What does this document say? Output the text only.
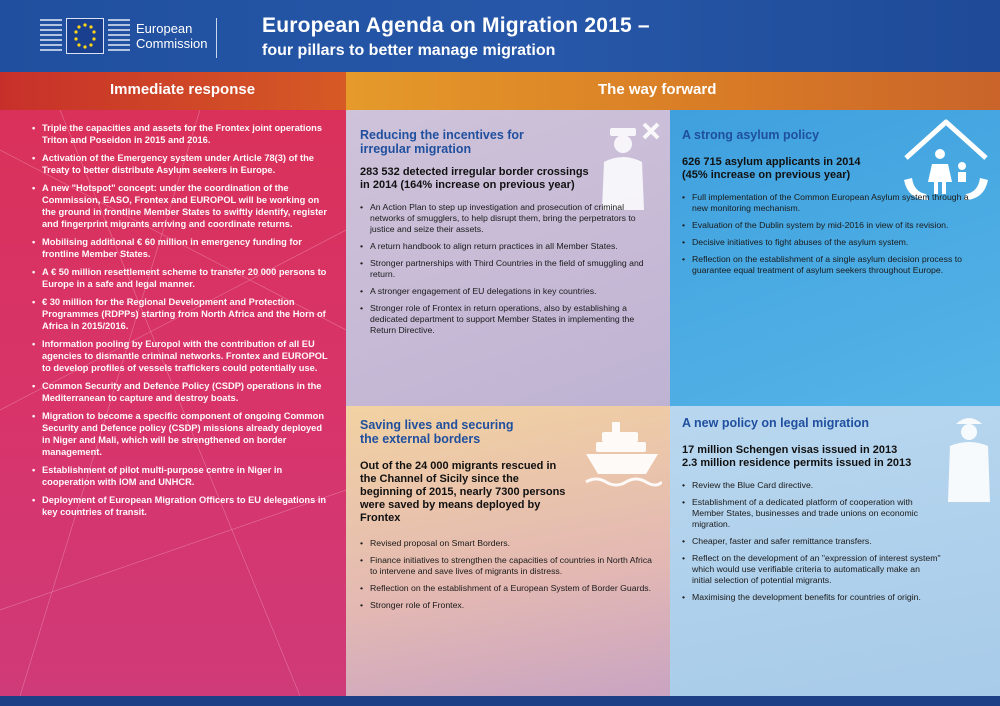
European
Commission
European Agenda on Migration 2015 –
four pillars to better manage migration
Immediate response	The way forward
• Triple the capacities and assets for the Frontex joint operations Triton and Poseidon in 2015 and 2016.
• Activation of the Emergency system under Article 78(3) of the Treaty to better distribute Asylum seekers in Europe.
• A new "Hotspot" concept: under the coordination of the Commission, EASO, Frontex and EUROPOL will be working on the ground in frontline Member States to swiftly identify, register and fingerprint migrants arriving and coordinate returns.
• Mobilising additional € 60 million in emergency funding for frontline Member States.
• A € 50 million resettlement scheme to transfer 20 000 persons to Europe in a safe and legal manner.
• € 30 million for the Regional Development and Protection Programmes (RDPPs) starting from North Africa and the Horn of Africa in 2015/2016.
• Information pooling by Europol with the contribution of all EU agencies to dismantle criminal networks. Frontex and EUROPOL to develop profiles of vessels traffickers could potentially use.
• Common Security and Defence Policy (CSDP) operations in the Mediterranean to capture and destroy boats.
• Migration to become a specific component of ongoing Common Security and Defence policy (CSDP) missions already deployed in Niger and Mali, which will be strengthened on border management.
• Establishment of pilot multi-purpose centre in Niger in cooperation with IOM and UNHCR.
• Deployment of European Migration Officers to EU delegations in key countries of transit.
Reducing the incentives for
irregular migration
283 532 detected irregular border crossings
in 2014 (164% increase on previous year)
• An Action Plan to step up investigation and prosecution of criminal networks of smugglers, to help disrupt them, bring the perpetrators to justice and seize their assets.
• A return handbook to align return practices in all Member States.
• Stronger partnerships with Third Countries in the field of smuggling and return.
• A stronger engagement of EU delegations in key countries.
• Stronger role of Frontex in return operations, also by establishing a dedicated department to support Member States in implementing the Return Directive.
A strong asylum policy
626 715 asylum applicants in 2014
(45% increase on previous year)
• Full implementation of the Common European Asylum system through a new monitoring mechanism.
• Evaluation of the Dublin system by mid-2016 in view of its revision.
• Decisive initiatives to fight abuses of the asylum system.
• Reflection on the establishment of a single asylum decision process to guarantee equal treatment of asylum seekers throughout Europe.
Saving lives and securing
the external borders
Out of the 24 000 migrants rescued in the Channel of Sicily since the beginning of 2015, nearly 7300 persons were saved by means deployed by Frontex
• Revised proposal on Smart Borders.
• Finance initiatives to strengthen the capacities of countries in North Africa to intervene and save lives of migrants in distress.
• Reflection on the establishment of a European System of Border Guards.
• Stronger role of Frontex.
A new policy on legal migration
17 million Schengen visas issued in 2013
2.3 million residence permits issued in 2013
• Review the Blue Card directive.
• Establishment of a dedicated platform of cooperation with Member States, businesses and trade unions on economic migration.
• Cheaper, faster and safer remittance transfers.
• Reflect on the development of an "expression of interest system" which would use verifiable criteria to automatically make an initial selection of potential migrants.
• Maximising the development benefits for countries of origin.
